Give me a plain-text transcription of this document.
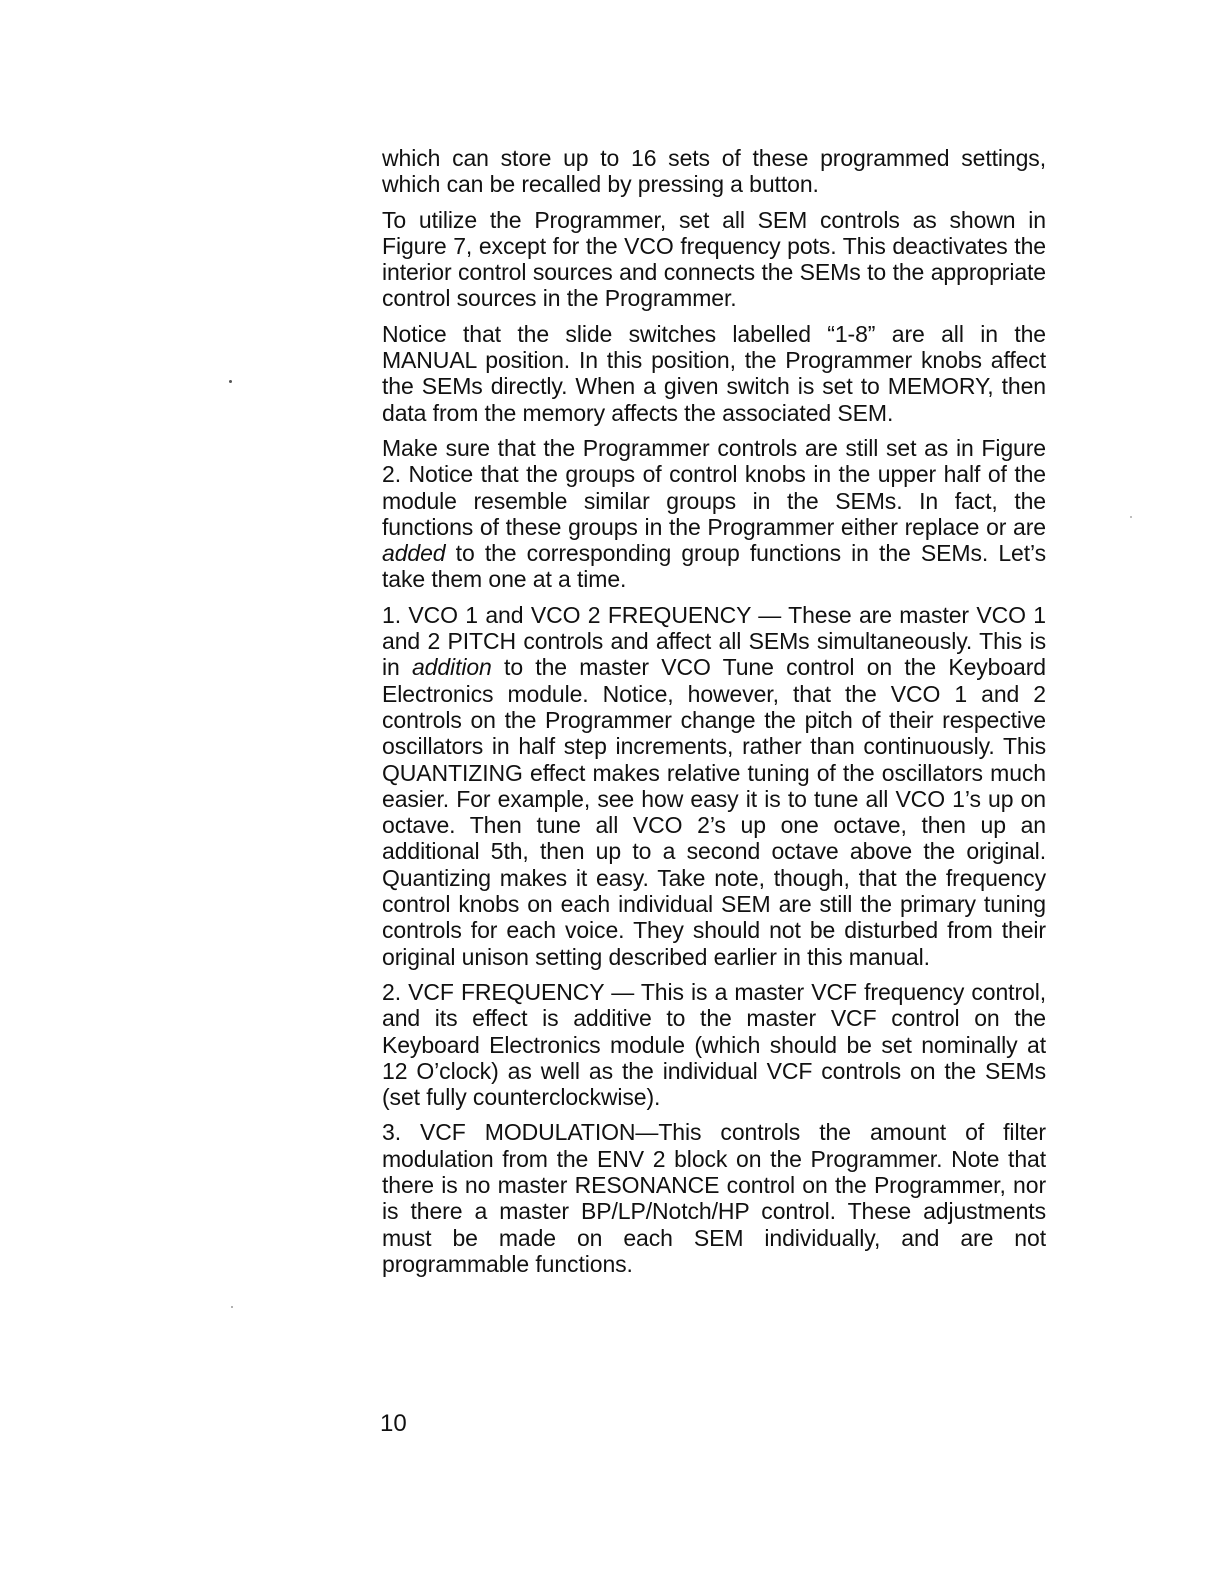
which can store up to 16 sets of these programmed settings, which can be recalled by pressing a button.

To utilize the Programmer, set all SEM controls as shown in Figure 7, except for the VCO frequency pots. This deactivates the interior control sources and connects the SEMs to the appropriate control sources in the Programmer.

Notice that the slide switches labelled “1-8” are all in the MANUAL position. In this position, the Programmer knobs affect the SEMs directly. When a given switch is set to MEMORY, then data from the memory affects the associated SEM.

Make sure that the Programmer controls are still set as in Figure 2. Notice that the groups of control knobs in the upper half of the module resemble similar groups in the SEMs. In fact, the functions of these groups in the Programmer either replace or are added to the corresponding group functions in the SEMs. Let’s take them one at a time.

1. VCO 1 and VCO 2 FREQUENCY — These are master VCO 1 and 2 PITCH controls and affect all SEMs simultaneously. This is in addition to the master VCO Tune control on the Keyboard Electronics module. Notice, however, that the VCO 1 and 2 controls on the Programmer change the pitch of their respective oscillators in half step increments, rather than continuously. This QUANTIZING effect makes relative tuning of the oscillators much easier. For example, see how easy it is to tune all VCO 1’s up on octave. Then tune all VCO 2’s up one octave, then up an additional 5th, then up to a second octave above the original. Quantizing makes it easy. Take note, though, that the frequency control knobs on each individual SEM are still the primary tuning controls for each voice. They should not be disturbed from their original unison setting described earlier in this manual.

2. VCF FREQUENCY — This is a master VCF frequency control, and its effect is additive to the master VCF control on the Keyboard Electronics module (which should be set nominally at 12 O’clock) as well as the individual VCF controls on the SEMs (set fully counterclockwise).

3. VCF MODULATION—This controls the amount of filter modulation from the ENV 2 block on the Programmer. Note that there is no master RESONANCE control on the Programmer, nor is there a master BP/LP/Notch/HP control. These adjustments must be made on each SEM individually, and are not programmable functions.

10
